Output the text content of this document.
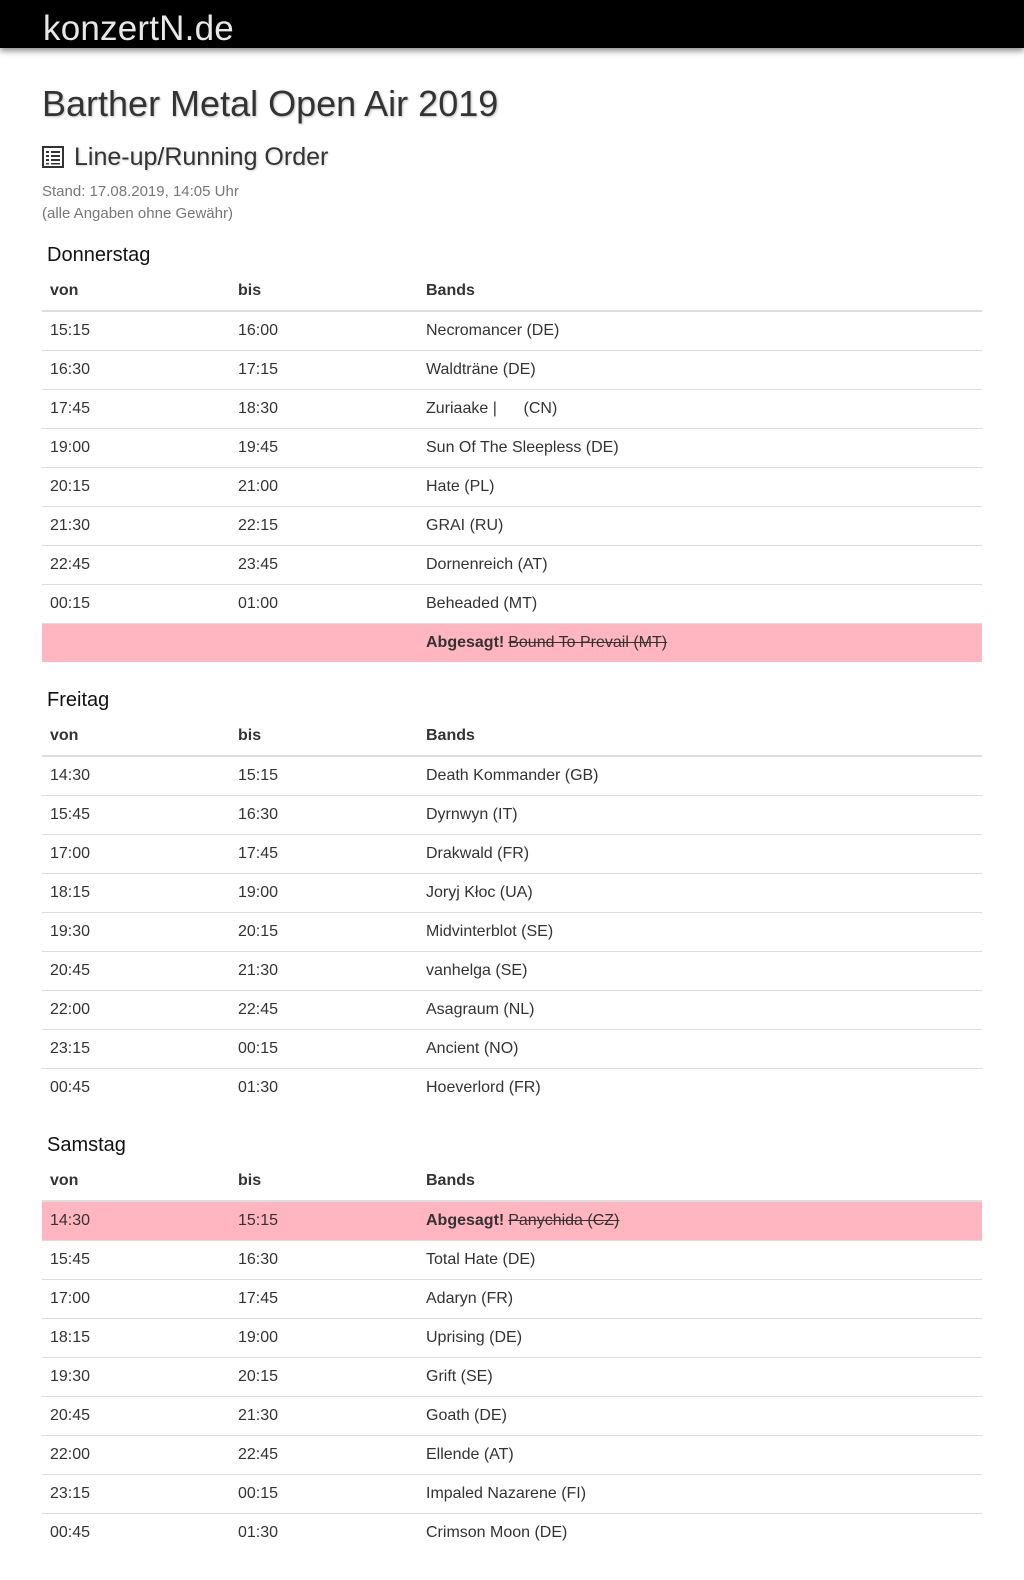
konzertN.de
Barther Metal Open Air 2019
Line-up/Running Order
Stand: 17.08.2019, 14:05 Uhr
(alle Angaben ohne Gewähr)
Donnerstag
von	bis	Bands
15:15	16:00	Necromancer (DE)
16:30	17:15	Waldträne (DE)
17:45	18:30	Zuriaake |      (CN)
19:00	19:45	Sun Of The Sleepless (DE)
20:15	21:00	Hate (PL)
21:30	22:15	GRAI (RU)
22:45	23:45	Dornenreich (AT)
00:15	01:00	Beheaded (MT)
		Abgesagt! Bound To Prevail (MT)
Freitag
von	bis	Bands
14:30	15:15	Death Kommander (GB)
15:45	16:30	Dyrnwyn (IT)
17:00	17:45	Drakwald (FR)
18:15	19:00	Joryj Kłoc (UA)
19:30	20:15	Midvinterblot (SE)
20:45	21:30	vanhelga (SE)
22:00	22:45	Asagraum (NL)
23:15	00:15	Ancient (NO)
00:45	01:30	Hoeverlord (FR)
Samstag
von	bis	Bands
14:30	15:15	Abgesagt! Panychida (CZ)
15:45	16:30	Total Hate (DE)
17:00	17:45	Adaryn (FR)
18:15	19:00	Uprising (DE)
19:30	20:15	Grift (SE)
20:45	21:30	Goath (DE)
22:00	22:45	Ellende (AT)
23:15	00:15	Impaled Nazarene (FI)
00:45	01:30	Crimson Moon (DE)
